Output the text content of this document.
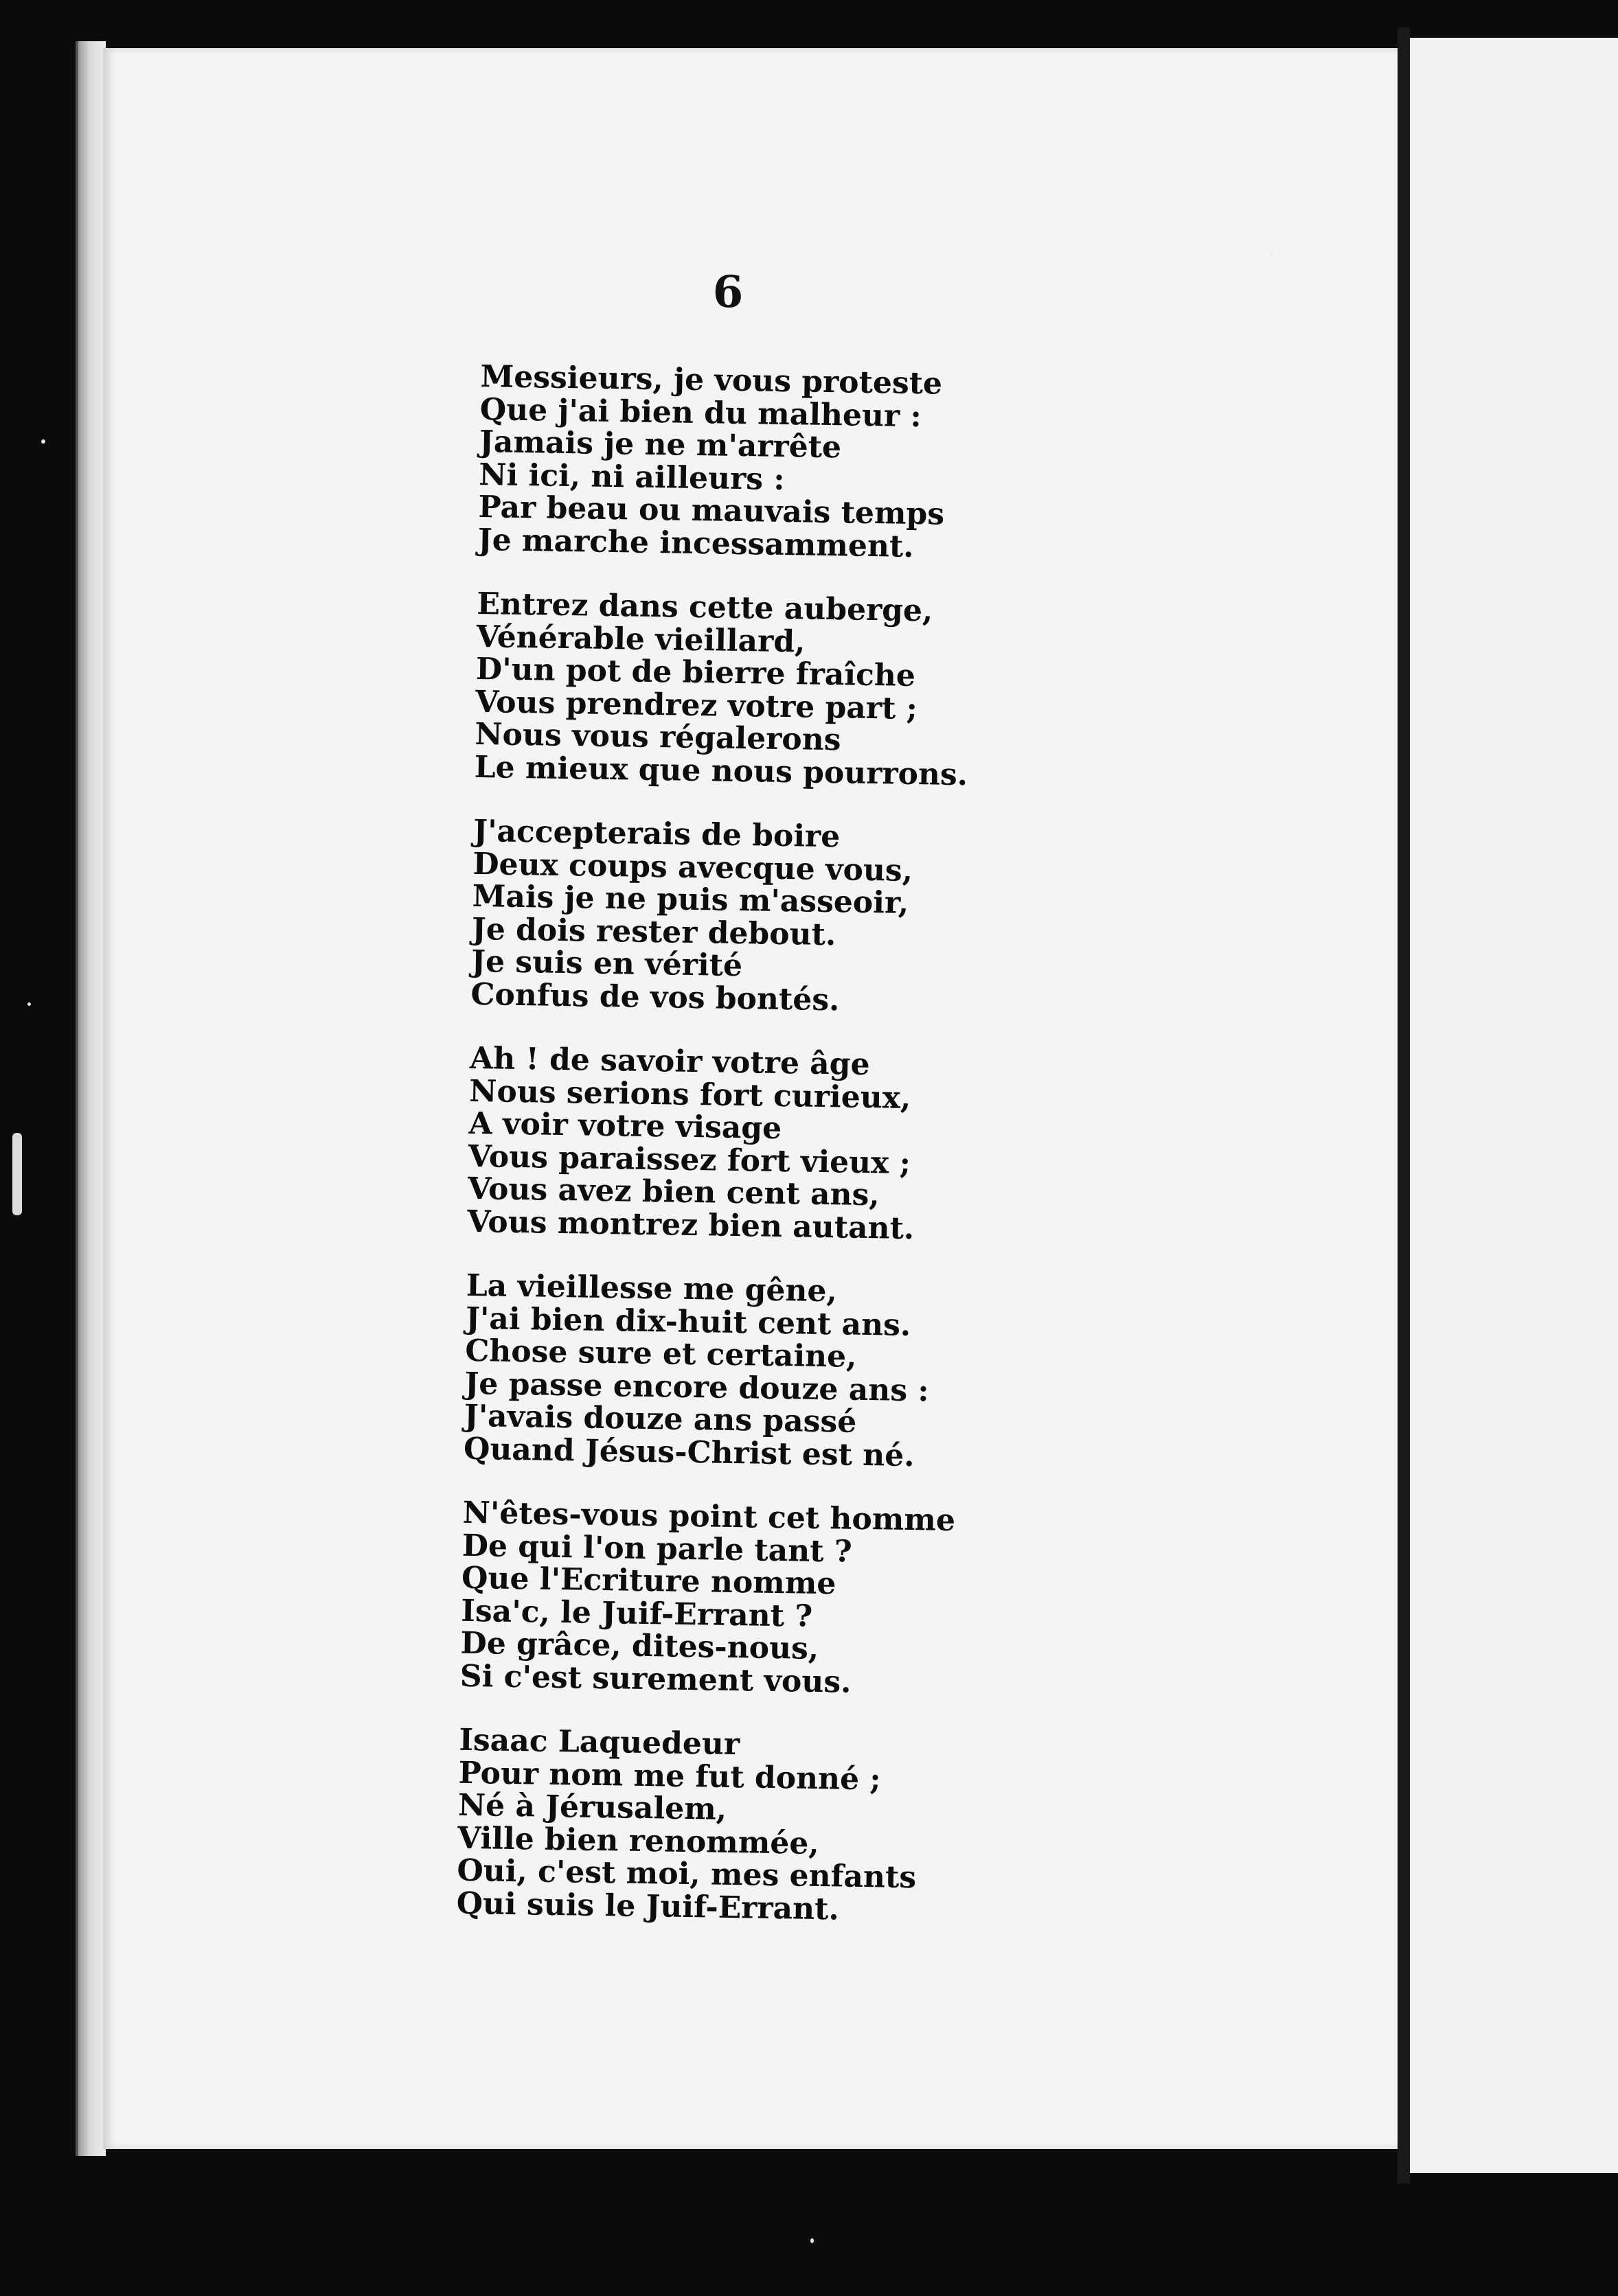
6
Messieurs, je vous proteste
Que j'ai bien du malheur :
Jamais je ne m'arrête
Ni ici, ni ailleurs :
Par beau ou mauvais temps
Je marche incessamment.
Entrez dans cette auberge,
Vénérable vieillard,
D'un pot de bierre fraîche
Vous prendrez votre part ;
Nous vous régalerons
Le mieux que nous pourrons.
J'accepterais de boire
Deux coups avecque vous,
Mais je ne puis m'asseoir,
Je dois rester debout.
Je suis en vérité
Confus de vos bontés.
Ah ! de savoir votre âge
Nous serions fort curieux,
A voir votre visage
Vous paraissez fort vieux ;
Vous avez bien cent ans,
Vous montrez bien autant.
La vieillesse me gêne,
J'ai bien dix-huit cent ans.
Chose sure et certaine,
Je passe encore douze ans :
J'avais douze ans passé
Quand Jésus-Christ est né.
N'êtes-vous point cet homme
De qui l'on parle tant ?
Que l'Ecriture nomme
Isa'c, le Juif-Errant ?
De grâce, dites-nous,
Si c'est surement vous.
Isaac Laquedeur
Pour nom me fut donné ;
Né à Jérusalem,
Ville bien renommée,
Oui, c'est moi, mes enfants
Qui suis le Juif-Errant.
